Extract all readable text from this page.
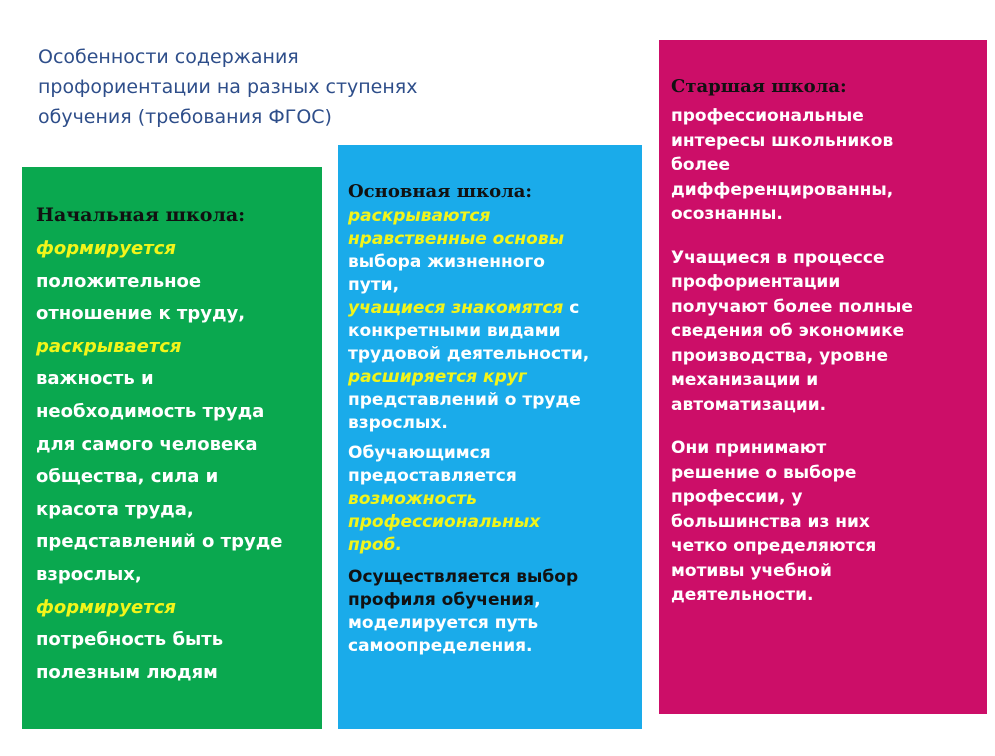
Особенности содержания
профориентации на разных ступенях
обучения (требования ФГОС)
Начальная школа:
формируется
положительное
отношение к труду,
раскрывается
важность и
необходимость труда
для самого человека
общества, сила и
красота труда,
представлений о труде
взрослых,
формируется
потребность быть
полезным людям
Основная школа:
раскрываются
нравственные основы
выбора жизненного
пути,
учащиеся знакомятся с
конкретными видами
трудовой деятельности,
расширяется круг
представлений о труде
взрослых.
Обучающимся
предоставляется
возможность
профессиональных
проб.
Осуществляется выбор
профиля обучения,
моделируется путь
самоопределения.
Старшая школа:
профессиональные
интересы школьников
более
дифференцированны,
осознанны.
Учащиеся в процессе
профориентации
получают более полные
сведения об экономике
производства, уровне
механизации и
автоматизации.
Они принимают
решение о выборе
профессии, у
большинства из них
четко определяются
мотивы учебной
деятельности.
